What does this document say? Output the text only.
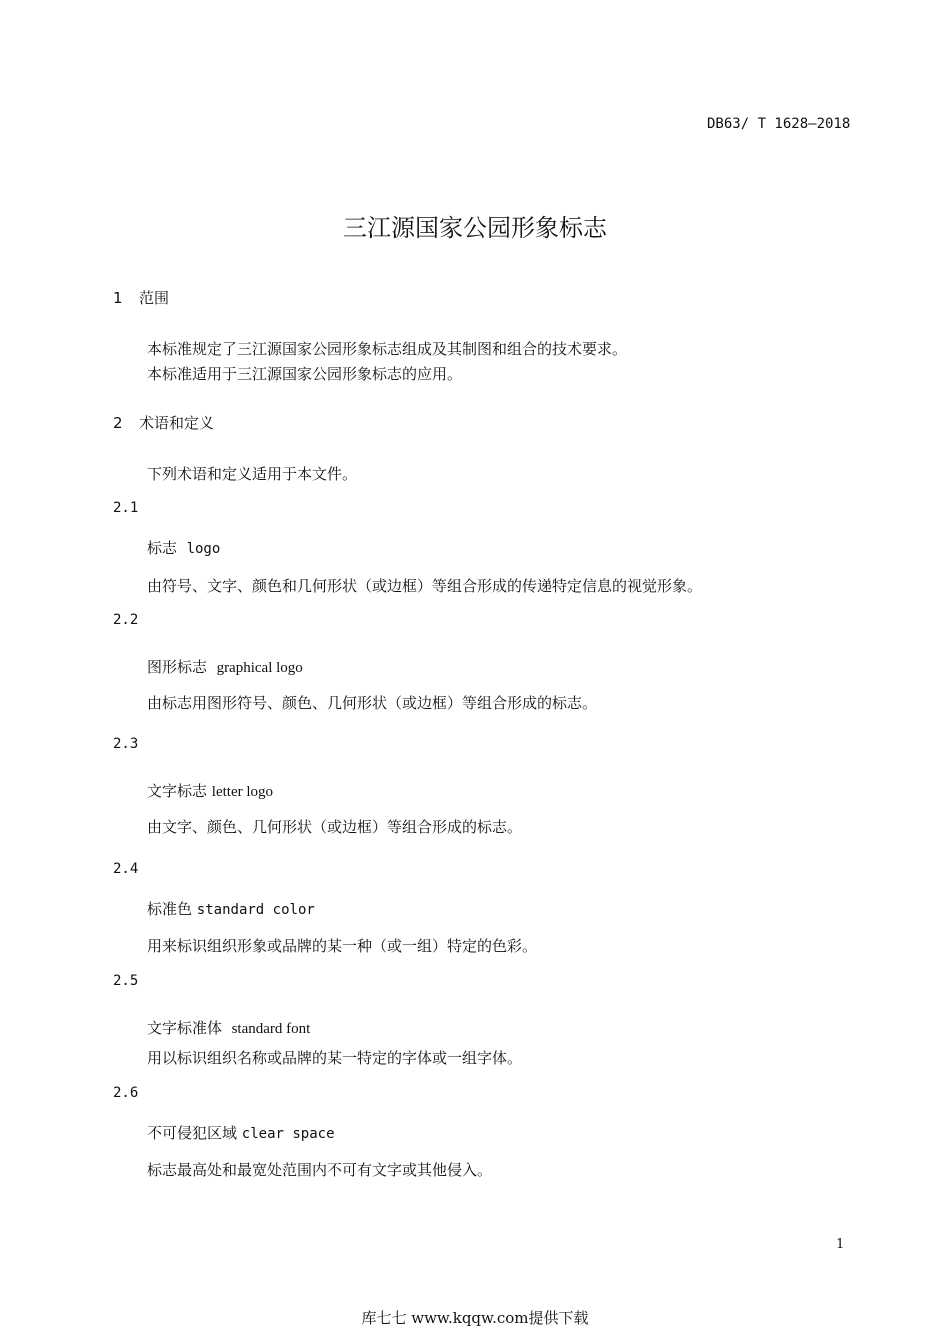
DB63/ T 1628—2018
三江源国家公园形象标志
1 范围
本标准规定了三江源国家公园形象标志组成及其制图和组合的技术要求。
本标准适用于三江源国家公园形象标志的应用。
2 术语和定义
下列术语和定义适用于本文件。
2.1
标志 logo
由符号、文字、颜色和几何形状（或边框）等组合形成的传递特定信息的视觉形象。
2.2
图形标志 graphical logo
由标志用图形符号、颜色、几何形状（或边框）等组合形成的标志。
2.3
文字标志 letter logo
由文字、颜色、几何形状（或边框）等组合形成的标志。
2.4
标准色 standard color
用来标识组织形象或品牌的某一种（或一组）特定的色彩。
2.5
文字标准体 standard font
用以标识组织名称或品牌的某一特定的字体或一组字体。
2.6
不可侵犯区域 clear space
标志最高处和最宽处范围内不可有文字或其他侵入。
1
库七七 www.kqqw.com提供下载
